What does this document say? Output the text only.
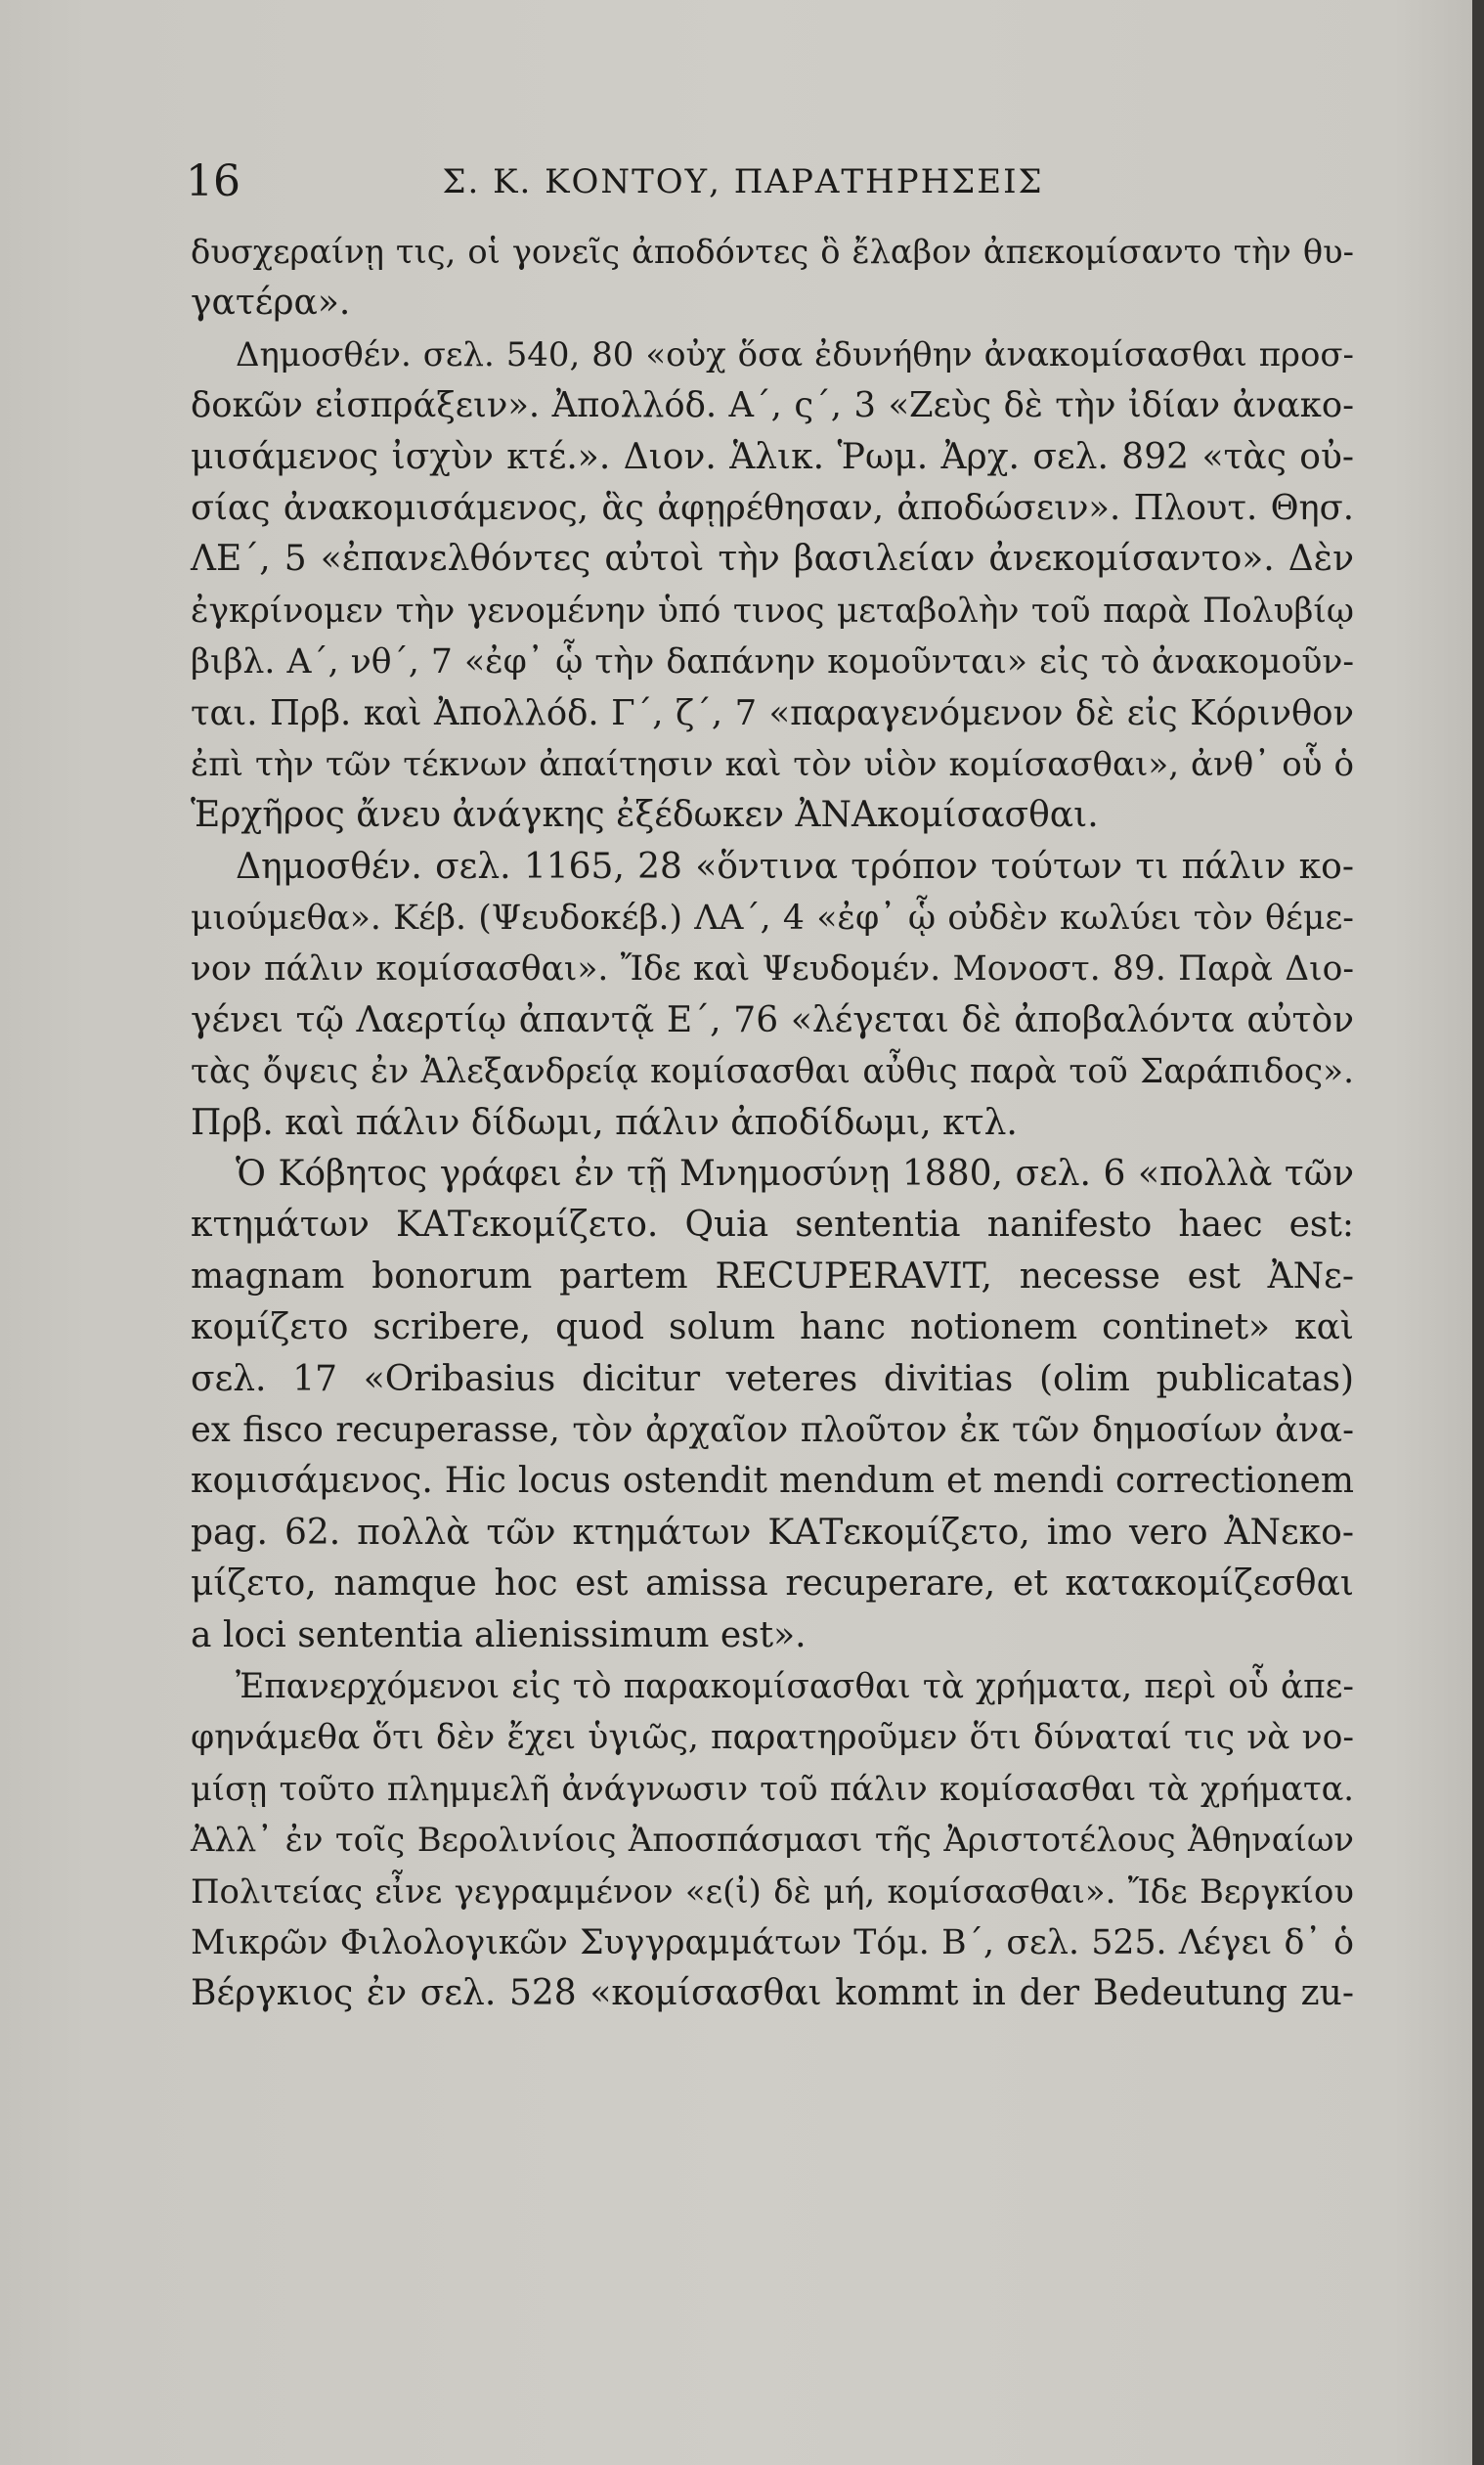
16	Σ. Κ. ΚΟΝΤΟΥ, ΠΑΡΑΤΗΡΗΣΕΙΣ
δυσχεραίνῃ τις, οἱ γονεῖς ἀποδόντες ὃ ἔλαβον ἀπεκομίσαντο τὴν θυ-
γατέρα».
Δημοσθέν. σελ. 540, 80 «οὐχ ὅσα ἐδυνήθην ἀνακομίσασθαι προσ-
δοκῶν εἰσπράξειν». Ἀπολλόδ. Α΄, ς΄, 3 «Ζεὺς δὲ τὴν ἰδίαν ἀνακο-
μισάμενος ἰσχὺν κτέ.». Διον. Ἁλικ. Ῥωμ. Ἀρχ. σελ. 892 «τὰς οὐ-
σίας ἀνακομισάμενος, ἃς ἀφῃρέθησαν, ἀποδώσειν». Πλουτ. Θησ.
ΛΕ΄, 5 «ἐπανελθόντες αὐτοὶ τὴν βασιλείαν ἀνεκομίσαντο». Δὲν
ἐγκρίνομεν τὴν γενομένην ὑπό τινος μεταβολὴν τοῦ παρὰ Πολυβίῳ
βιβλ. Α΄, νθ΄, 7 «ἐφ᾽ ᾧ τὴν δαπάνην κομοῦνται» εἰς τὸ ἀνακομοῦν-
ται. Πρβ. καὶ Ἀπολλόδ. Γ΄, ζ΄, 7 «παραγενόμενον δὲ εἰς Κόρινθον
ἐπὶ τὴν τῶν τέκνων ἀπαίτησιν καὶ τὸν υἱὸν κομίσασθαι», ἀνθ᾽ οὗ ὁ
Ἑρχῆρος ἄνευ ἀνάγκης ἐξέδωκεν ἈΝΑκομίσασθαι.
Δημοσθέν. σελ. 1165, 28 «ὅντινα τρόπον τούτων τι πάλιν κο-
μιούμεθα». Κέβ. (Ψευδοκέβ.) ΛΑ΄, 4 «ἐφ᾽ ᾧ οὐδὲν κωλύει τὸν θέμε-
νον πάλιν κομίσασθαι». Ἴδε καὶ Ψευδομέν. Μονοστ. 89. Παρὰ Διο-
γένει τῷ Λαερτίῳ ἀπαντᾷ Ε΄, 76 «λέγεται δὲ ἀποβαλόντα αὐτὸν
τὰς ὄψεις ἐν Ἀλεξανδρείᾳ κομίσασθαι αὖθις παρὰ τοῦ Σαράπιδος».
Πρβ. καὶ πάλιν δίδωμι, πάλιν ἀποδίδωμι, κτλ.
Ὁ Κόβητος γράφει ἐν τῇ Μνημοσύνῃ 1880, σελ. 6 «πολλὰ τῶν
κτημάτων ΚΑΤεκομίζετο. Quia sententia nanifesto haec est:
magnam bonorum partem RECUPERAVIT, necesse est ἈΝε-
κομίζετο scribere, quod solum hanc notionem continet» καὶ
σελ. 17 «Oribasius dicitur veteres divitias (olim publicatas)
ex fisco recuperasse, τὸν ἀρχαῖον πλοῦτον ἐκ τῶν δημοσίων ἀνα-
κομισάμενος. Hic locus ostendit mendum et mendi correctionem
pag. 62. πολλὰ τῶν κτημάτων ΚΑΤεκομίζετο, imo vero ἈΝεκο-
μίζετο, namque hoc est amissa recuperare, et κατακομίζεσθαι
a loci sententia alienissimum est».
Ἐπανερχόμενοι εἰς τὸ παρακομίσασθαι τὰ χρήματα, περὶ οὗ ἀπε-
φηνάμεθα ὅτι δὲν ἔχει ὑγιῶς, παρατηροῦμεν ὅτι δύναταί τις νὰ νο-
μίσῃ τοῦτο πλημμελῆ ἀνάγνωσιν τοῦ πάλιν κομίσασθαι τὰ χρήματα.
Ἀλλ᾽ ἐν τοῖς Βερολινίοις Ἀποσπάσμασι τῆς Ἀριστοτέλους Ἀθηναίων
Πολιτείας εἶνε γεγραμμένον «ε(ἰ) δὲ μή, κομίσασθαι». Ἴδε Βεργκίου
Μικρῶν Φιλολογικῶν Συγγραμμάτων Τόμ. Β΄, σελ. 525. Λέγει δ᾽ ὁ
Βέργκιος ἐν σελ. 528 «κομίσασθαι kommt in der Bedeutung zu-
